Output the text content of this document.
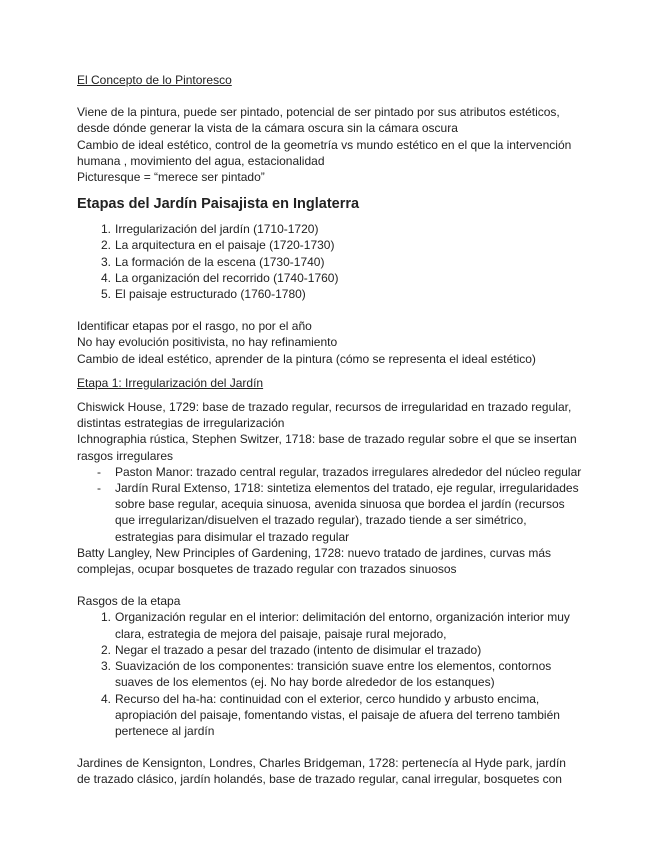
El Concepto de lo Pintoresco

Viene de la pintura, puede ser pintado, potencial de ser pintado por sus atributos estéticos, desde dónde generar la vista de la cámara oscura sin la cámara oscura

Cambio de ideal estético, control de la geometría vs mundo estético en el que la intervención humana , movimiento del agua, estacionalidad

Picturesque = “merece ser pintado”

Etapas del Jardín Paisajista en Inglaterra
1. Irregularización del jardín (1710-1720)
2. La arquitectura en el paisaje (1720-1730)
3. La formación de la escena (1730-1740)
4. La organización del recorrido (1740-1760)
5. El paisaje estructurado (1760-1780)

Identificar etapas por el rasgo, no por el año

No hay evolución positivista, no hay refinamiento

Cambio de ideal estético, aprender de la pintura (cómo se representa el ideal estético)

Etapa 1: Irregularización del Jardín

Chiswick House, 1729: base de trazado regular, recursos de irregularidad en trazado regular, distintas estrategias de irregularización

Ichnographia rústica, Stephen Switzer, 1718: base de trazado regular sobre el que se insertan rasgos irregulares

- Paston Manor: trazado central regular, trazados irregulares alrededor del núcleo regular
- Jardín Rural Extenso, 1718: sintetiza elementos del tratado, eje regular, irregularidades sobre base regular, acequia sinuosa, avenida sinuosa que bordea el jardín (recursos que irregularizan/disuelven el trazado regular), trazado tiende a ser simétrico, estrategias para disimular el trazado regular

Batty Langley, New Principles of Gardening, 1728: nuevo tratado de jardines, curvas más complejas, ocupar bosquetes de trazado regular con trazados sinuosos

Rasgos de la etapa

1. Organización regular en el interior: delimitación del entorno, organización interior muy clara, estrategia de mejora del paisaje, paisaje rural mejorado,
2. Negar el trazado a pesar del trazado (intento de disimular el trazado)
3. Suavización de los componentes: transición suave entre los elementos, contornos suaves de los elementos (ej. No hay borde alrededor de los estanques)
4. Recurso del ha-ha: continuidad con el exterior, cerco hundido y arbusto encima, apropiación del paisaje, fomentando vistas, el paisaje de afuera del terreno también pertenece al jardín

Jardines de Kensignton, Londres, Charles Bridgeman, 1728: pertenecía al Hyde park, jardín de trazado clásico, jardín holandés, base de trazado regular, canal irregular, bosquetes con
